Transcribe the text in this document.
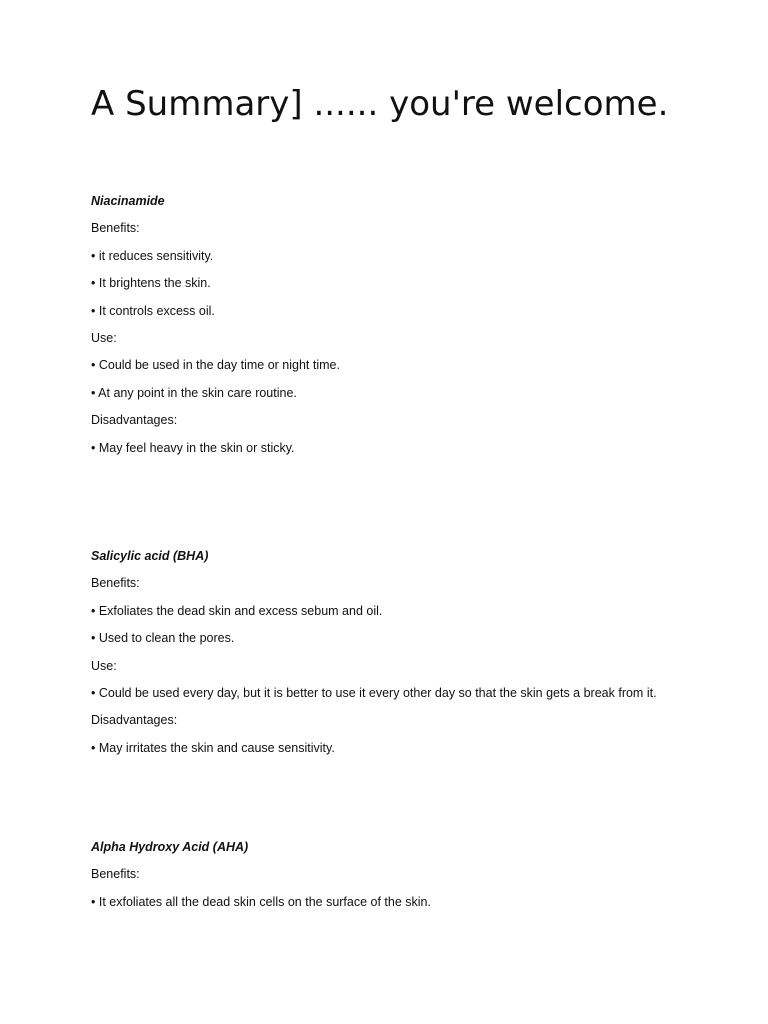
A Summary] ...... you're welcome.

Niacinamide

Benefits:

• it reduces sensitivity.

• It brightens the skin.

• It controls excess oil.

Use:

• Could be used in the day time or night time.

• At any point in the skin care routine.

Disadvantages:

• May feel heavy in the skin or sticky.

Salicylic acid (BHA)

Benefits:

• Exfoliates the dead skin and excess sebum and oil.

• Used to clean the pores.

Use:

• Could be used every day, but it is better to use it every other day so that the skin gets a break from it.

Disadvantages:

• May irritates the skin and cause sensitivity.

Alpha Hydroxy Acid (AHA)

Benefits:

• It exfoliates all the dead skin cells on the surface of the skin.
